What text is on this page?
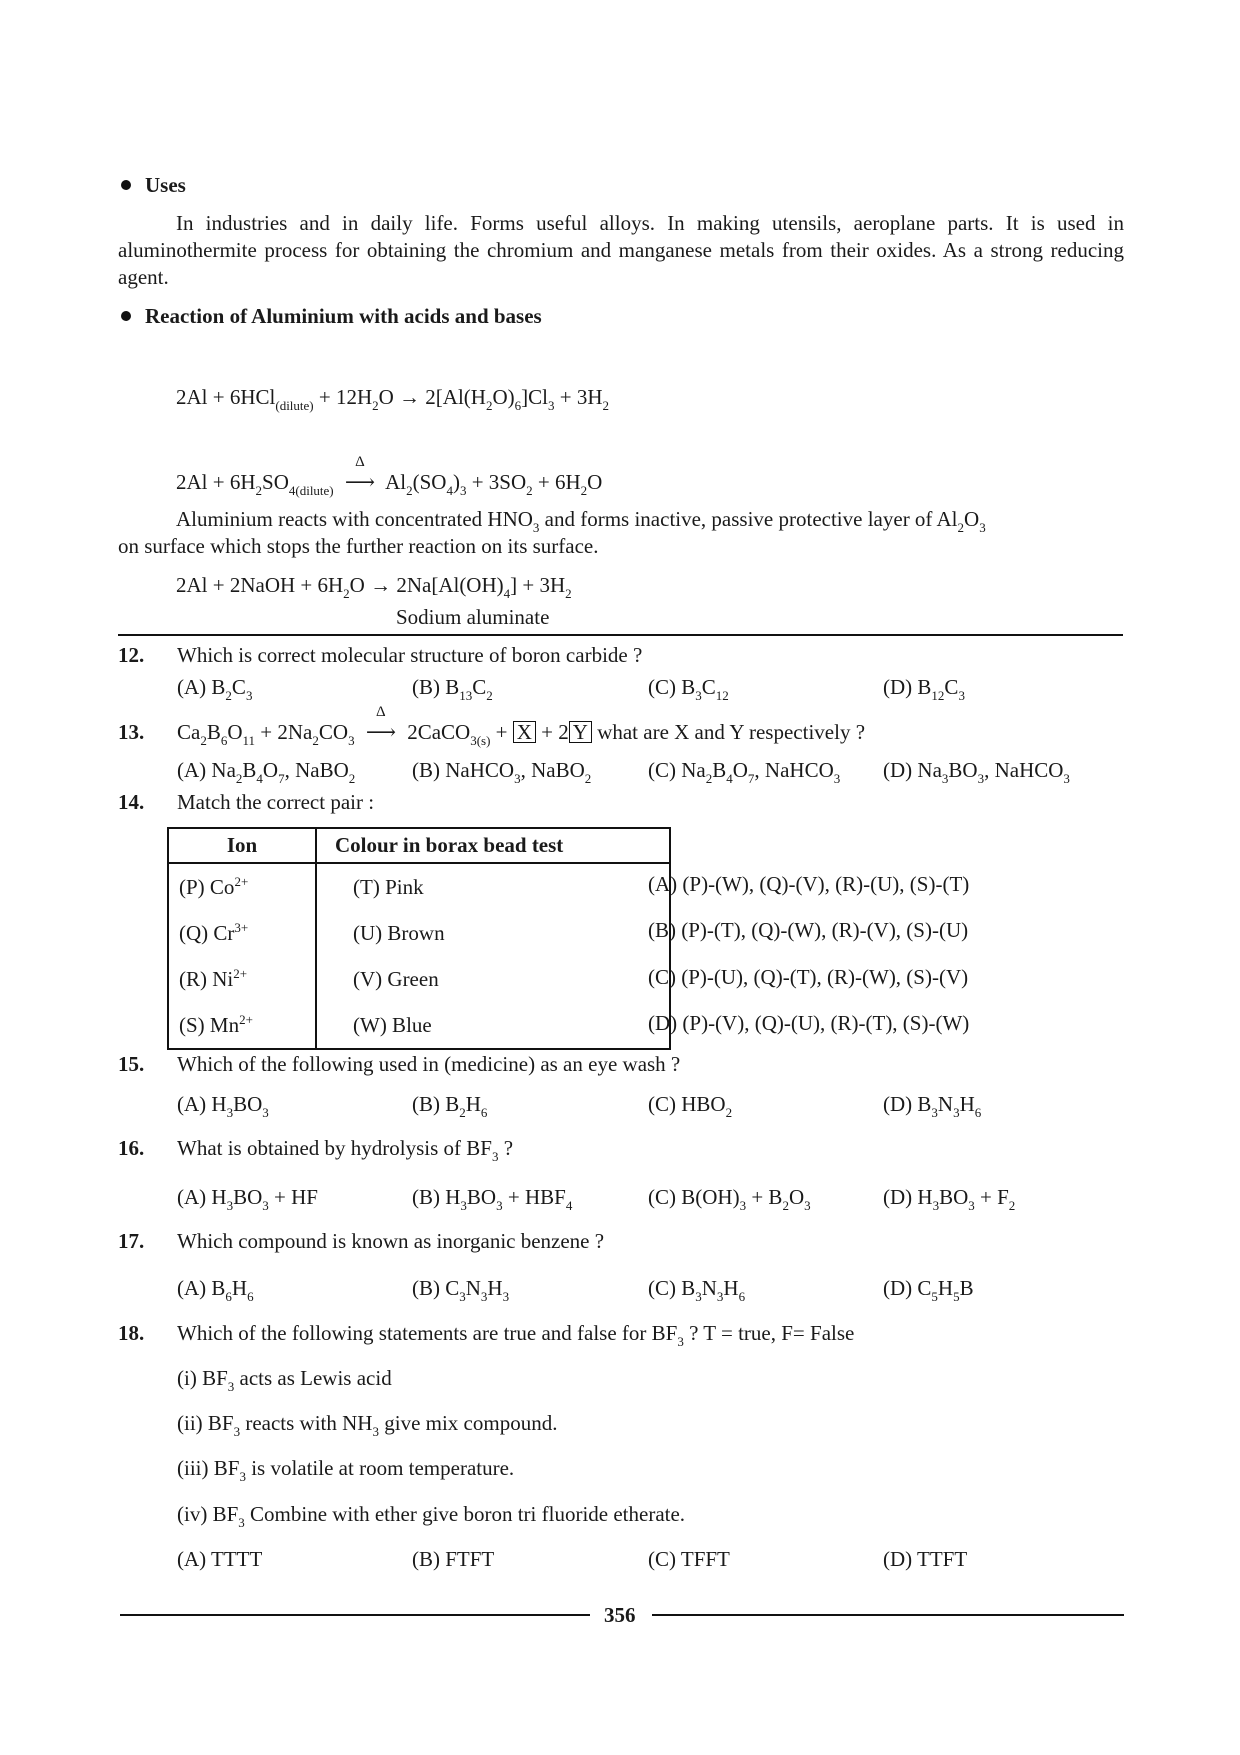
Uses
In industries and in daily life. Forms useful alloys. In making utensils, aeroplane parts. It is used in aluminothermite process for obtaining the chromium and manganese metals from their oxides. As a strong reducing agent.
Reaction of Aluminium with acids and bases
$2Al + 6HCl_{(dilute)} + 12H_2O \to 2[Al(H_2O)_6]Cl_3 + 3H_2$
$2Al + 6H_2SO_{4(dilute)}$
Δ
⟶ $Al_2(SO_4)_3 + 3SO_2 + 6H_2O$
Aluminium reacts with concentrated $HNO_3$ and forms inactive, passive protective layer of $Al_2O_3$
on surface which stops the further reaction on its surface.
2Al + 2NaOH + $6H_2O \to 2Na[Al(OH)_4] + 3H_2$
Sodium aluminate
12. Which is correct molecular structure of boron carbide ?
(A) $B_2C_3$	(B) $B_{13}C_2$	(C) $B_3C_{12}$	(D) $B_{12}C_3$
13. $Ca_2B_6O_{11} + 2Na_2CO_3$
Δ
⟶ 2CaCO$_{3(s)}$ + X + 2 Y what are X and Y respectively ?
(A) $Na_2B_4O_7$, NaBO$_2$	(B) NaHCO$_3$, NaBO$_2$	(C) $Na_2B_4O_7$, NaHCO$_3$ (D) $Na_3BO_3$, NaHCO$_3$
14. Match the correct pair :
Ion	Colour in borax bead test
(P) $Co^{2+}$	(T) Pink
(Q) $Cr^{3+}$	(U) Brown
(R) $Ni^{2+}$	(V) Green
(S) $Mn^{2+}$	(W) Blue
(A) (P)-(W), (Q)-(V), (R)-(U), (S)-(T)
(B) (P)-(T), (Q)-(W), (R)-(V), (S)-(U)
(C) (P)-(U), (Q)-(T), (R)-(W), (S)-(V)
(D) (P)-(V), (Q)-(U), (R)-(T), (S)-(W)
15. Which of the following used in (medicine) as an eye wash ?
(A) $H_3BO_3$	(B) $B_2H_6$	(C) $HBO_2$	(D) $B_3N_3H_6$
16. What is obtained by hydrolysis of $BF_3$ ?
(A) $H_3BO_3$ + HF	(B) $H_3BO_3 + HBF_4$	(C) $B(OH)_3 + B_2O_3$	(D) $H_3BO_3 + F_2$
17. Which compound is known as inorganic benzene ?
(A) $B_6H_6$	(B) $C_3N_3H_3$	(C) $B_3N_3H_6$	(D) $C_5H_5B$
18. Which of the following statements are true and false for $BF_3$ ? T = true, F= False
(i) $BF_3$ acts as Lewis acid
(ii) $BF_3$ reacts with $NH_3$ give mix compound.
(iii) $BF_3$ is volatile at room temperature.
(iv) $BF_3$ Combine with ether give boron tri fluoride etherate.
(A) TTTT	(B) FTFT	(C) TFFT	(D) TTFT
356
